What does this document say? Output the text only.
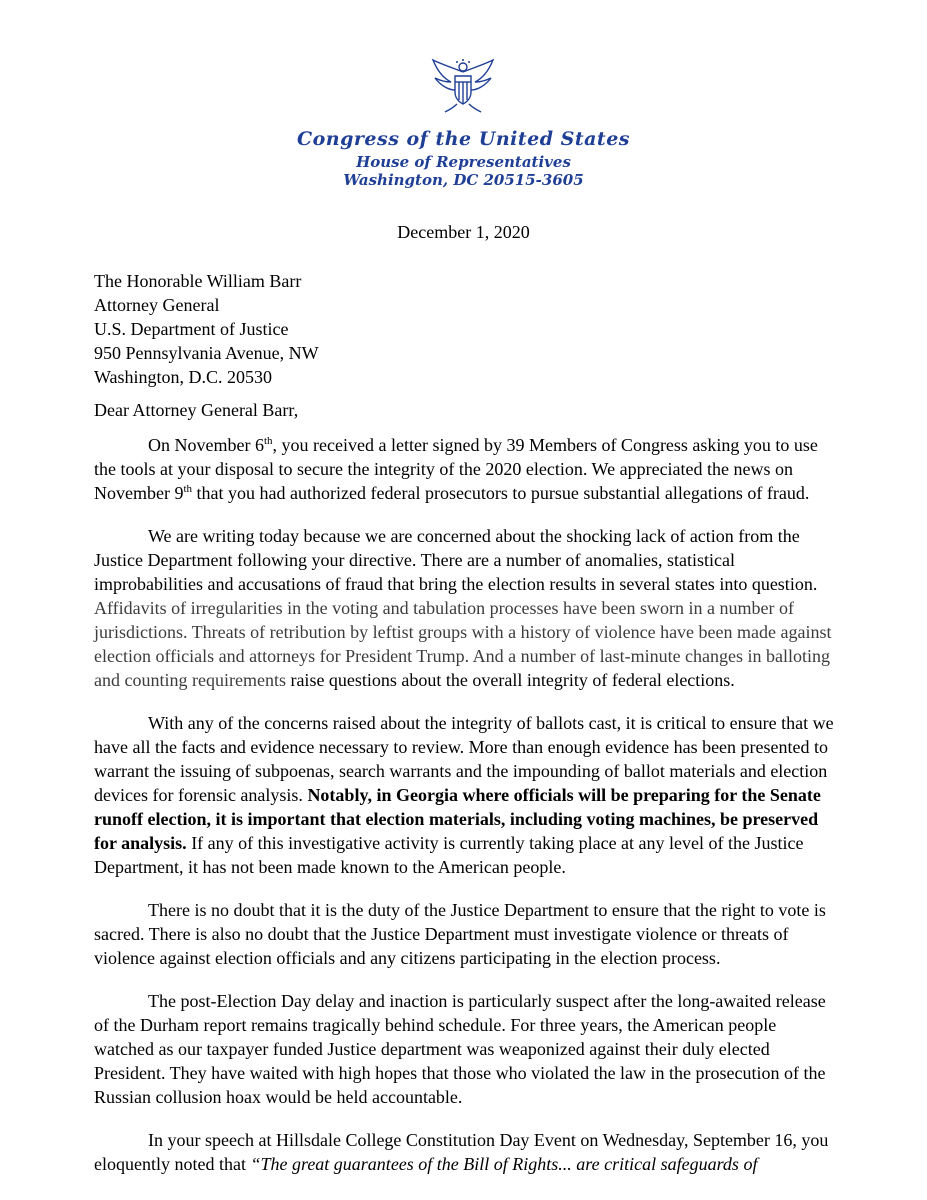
Congress of the United States
House of Representatives
Washington, DC 20515-3605
December 1, 2020
The Honorable William Barr
Attorney General
U.S. Department of Justice
950 Pennsylvania Avenue, NW
Washington, D.C. 20530
Dear Attorney General Barr,

On November 6th, you received a letter signed by 39 Members of Congress asking you to use the tools at your disposal to secure the integrity of the 2020 election. We appreciated the news on November 9th that you had authorized federal prosecutors to pursue substantial allegations of fraud.

We are writing today because we are concerned about the shocking lack of action from the Justice Department following your directive. There are a number of anomalies, statistical improbabilities and accusations of fraud that bring the election results in several states into question. Affidavits of irregularities in the voting and tabulation processes have been sworn in a number of jurisdictions. Threats of retribution by leftist groups with a history of violence have been made against election officials and attorneys for President Trump. And a number of last-minute changes in balloting and counting requirements raise questions about the overall integrity of federal elections.

With any of the concerns raised about the integrity of ballots cast, it is critical to ensure that we have all the facts and evidence necessary to review. More than enough evidence has been presented to warrant the issuing of subpoenas, search warrants and the impounding of ballot materials and election devices for forensic analysis. Notably, in Georgia where officials will be preparing for the Senate runoff election, it is important that election materials, including voting machines, be preserved for analysis. If any of this investigative activity is currently taking place at any level of the Justice Department, it has not been made known to the American people.

There is no doubt that it is the duty of the Justice Department to ensure that the right to vote is sacred. There is also no doubt that the Justice Department must investigate violence or threats of violence against election officials and any citizens participating in the election process.

The post-Election Day delay and inaction is particularly suspect after the long-awaited release of the Durham report remains tragically behind schedule. For three years, the American people watched as our taxpayer funded Justice department was weaponized against their duly elected President. They have waited with high hopes that those who violated the law in the prosecution of the Russian collusion hoax would be held accountable.

In your speech at Hillsdale College Constitution Day Event on Wednesday, September 16, you eloquently noted that “The great guarantees of the Bill of Rights... are critical safeguards of
